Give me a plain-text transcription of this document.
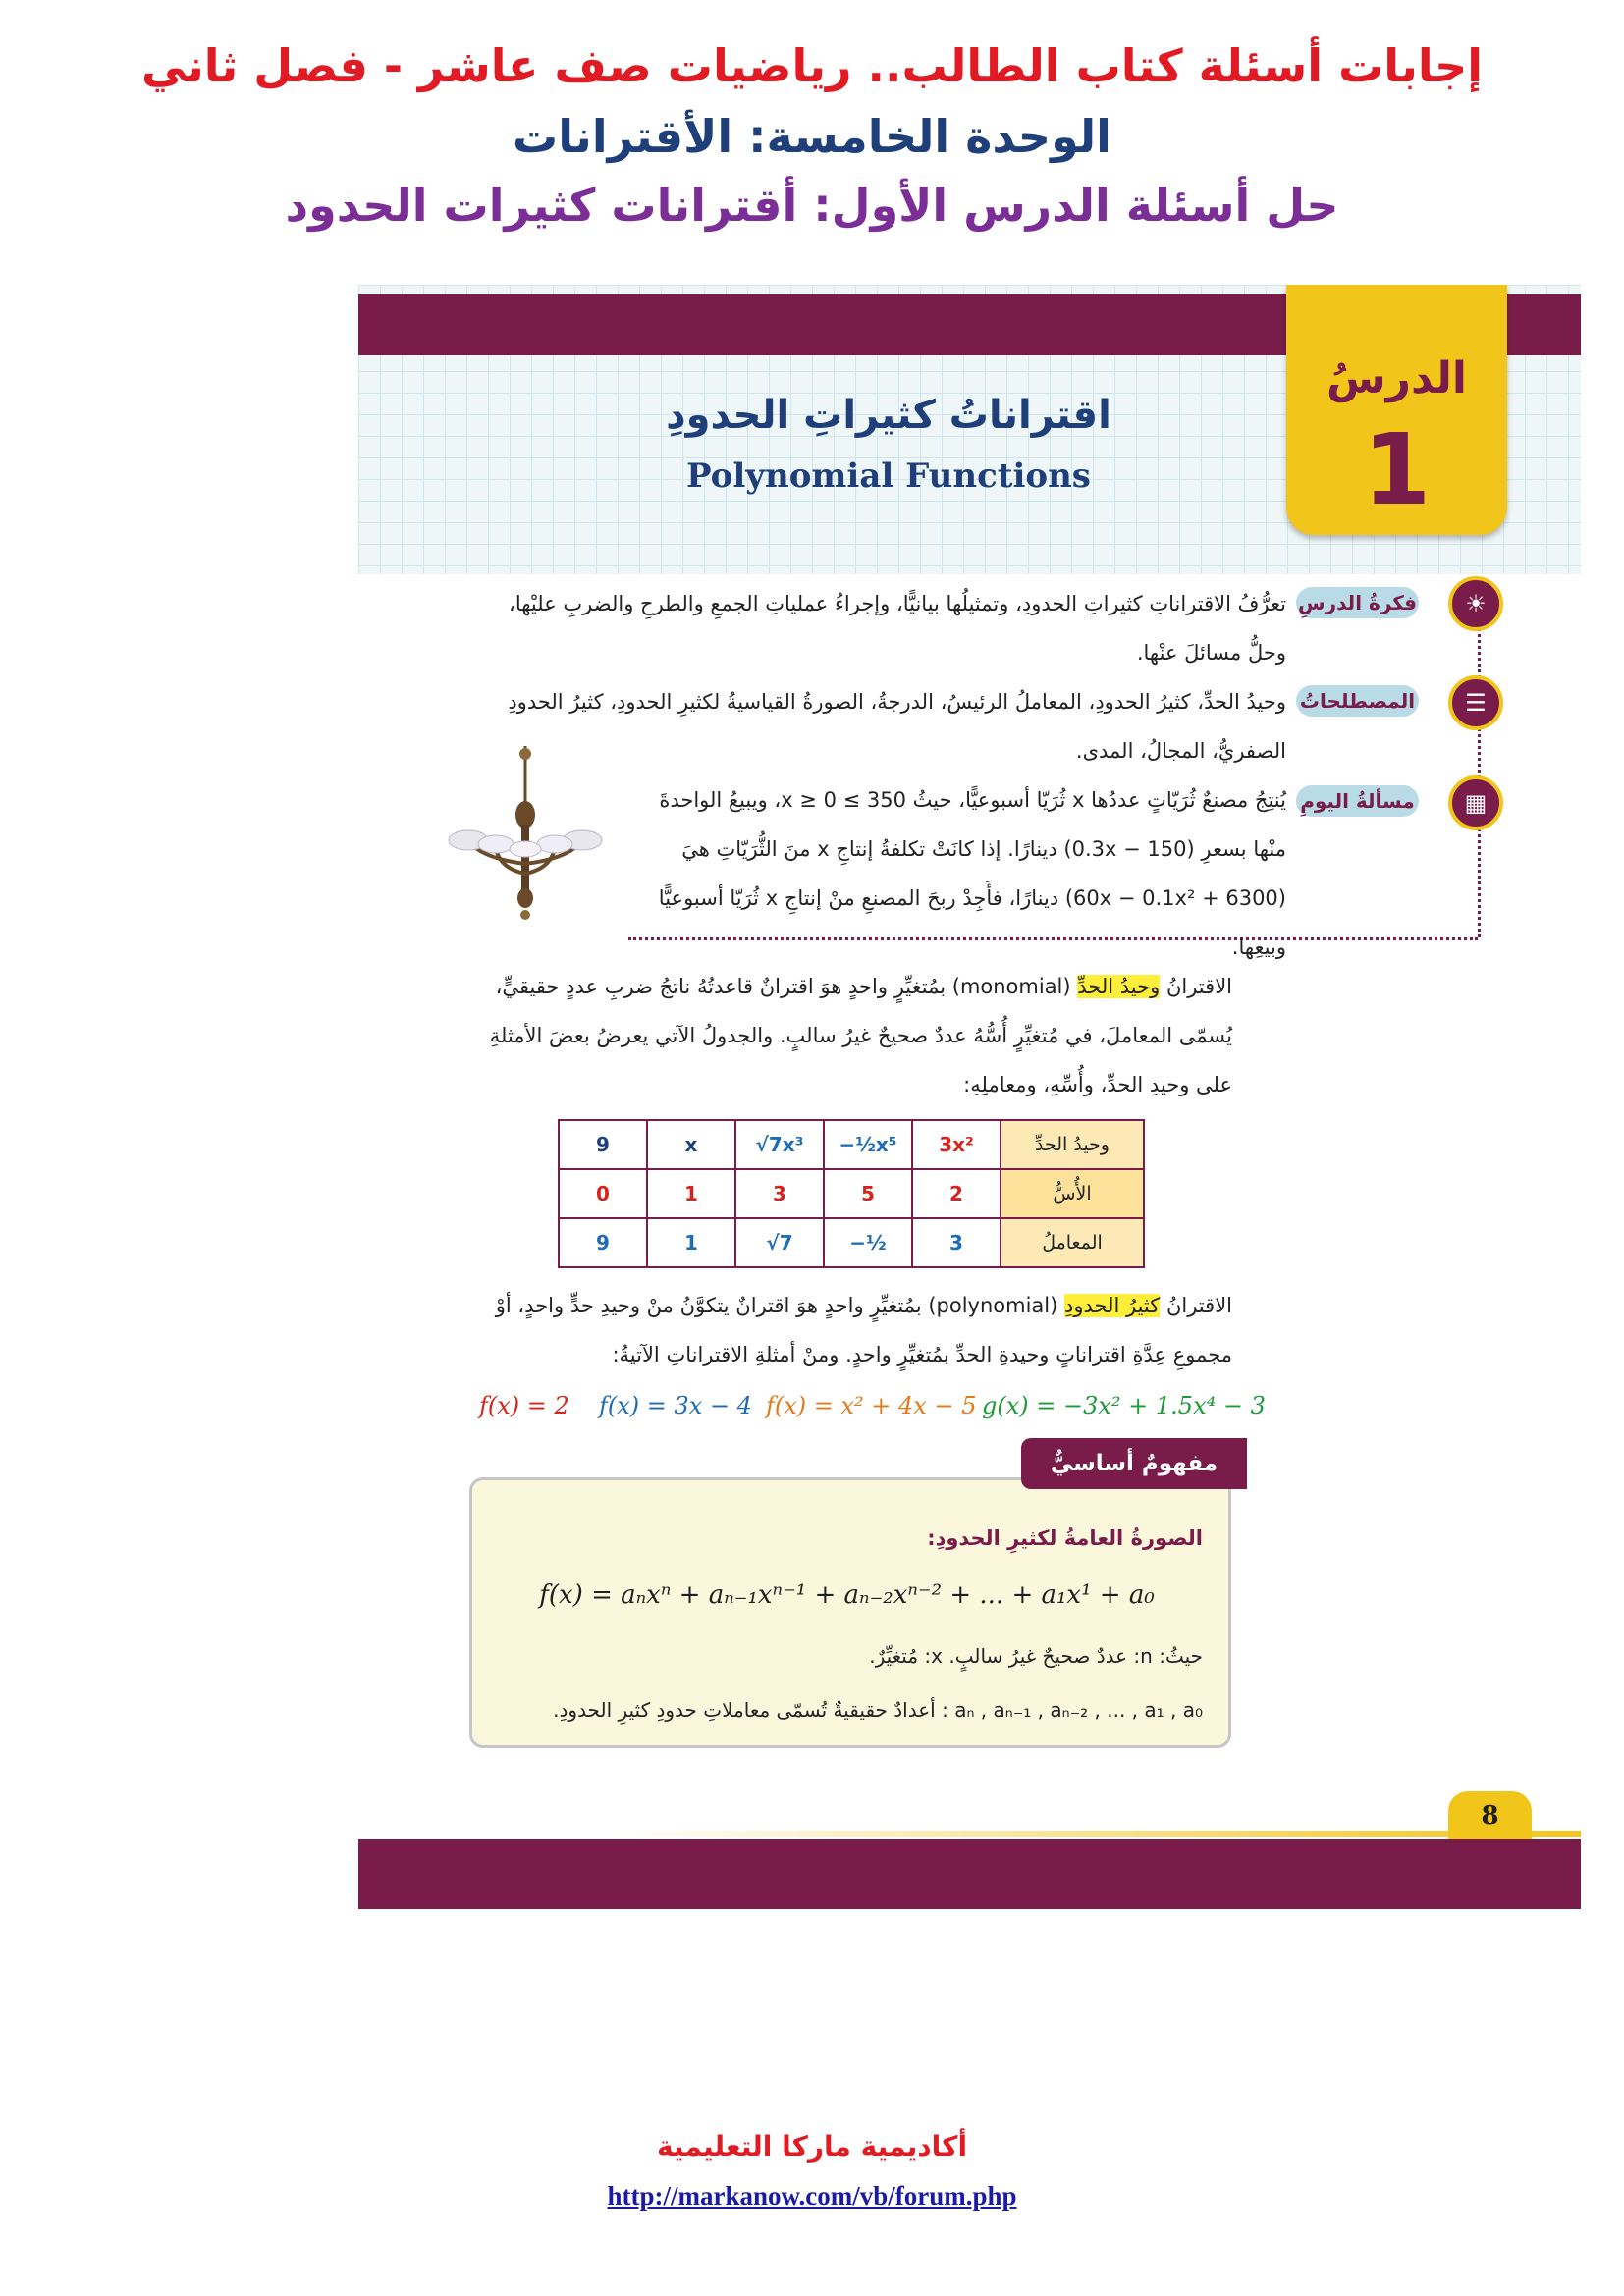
إجابات أسئلة كتاب الطالب.. رياضيات صف عاشر - فصل ثاني
الوحدة الخامسة: الأقترانات
حل أسئلة الدرس الأول: أقترانات كثيرات الحدود
الدرسُ
1
اقتراناتُ كثيراتِ الحدودِ
Polynomial Functions
☀
فكرةُ الدرسِ
تعرُّفُ الاقتراناتِ كثيراتِ الحدودِ، وتمثيلُها بيانيًّا، وإجراءُ عملياتِ الجمعِ والطرحِ والضربِ عليْها،
وحلُّ مسائلَ عنْها.
☰
المصطلحاتُ
وحيدُ الحدِّ، كثيرُ الحدودِ، المعاملُ الرئيسُ، الدرجةُ، الصورةُ القياسيةُ لكثيرِ الحدودِ، كثيرُ الحدودِ
الصفريُّ، المجالُ، المدى.
▦
مسألةُ اليومِ
يُنتِجُ مصنعٌ ثُرَيّاتٍ عددُها x ثُرَيّا أسبوعيًّا، حيثُ 350 ≥ x ≥ 0، ويبيعُ الواحدةَ
منْها بسعرِ (150 − 0.3x) دينارًا. إذا كانَتْ تكلفةُ إنتاجِ x منَ الثُّرَيّاتِ هيَ
(6300 + 60x − 0.1x²) دينارًا، فأَجِدْ ربحَ المصنعِ منْ إنتاجِ x ثُرَيّا أسبوعيًّا وبيعِها.
الاقترانُ وحيدُ الحدِّ (monomial) بمُتغيِّرٍ واحدٍ هوَ اقترانٌ قاعدتُهُ ناتجُ ضربِ عددٍ حقيقيٍّ،
يُسمّى المعاملَ، في مُتغيِّرٍ أُسُّهُ عددٌ صحيحٌ غيرُ سالبٍ. والجدولُ الآتي يعرضُ بعضَ الأمثلةِ
على وحيدِ الحدِّ، وأُسِّهِ، ومعاملِهِ:
9	x	√7x³	−½x⁵	3x²	وحيدُ الحدِّ
0	1	3	5	2	الأُسُّ
9	1	√7	−½	3	المعاملُ
الاقترانُ كثيرُ الحدودِ (polynomial) بمُتغيِّرٍ واحدٍ هوَ اقترانٌ يتكوَّنُ منْ وحيدِ حدٍّ واحدٍ، أوْ
مجموعِ عِدَّةِ اقتراناتٍ وحيدةِ الحدِّ بمُتغيِّرٍ واحدٍ. ومنْ أمثلةِ الاقتراناتِ الآتيةُ:
g(x) = −3x² + 1.5x⁴ − 3
f(x) = x² + 4x − 5
f(x) = 3x − 4
f(x) = 2
مفهومٌ أساسيٌّ
الصورةُ العامةُ لكثيرِ الحدودِ:
f(x) = aₙxⁿ + aₙ₋₁xⁿ⁻¹ + aₙ₋₂xⁿ⁻² + ... + a₁x¹ + a₀
حيثُ: n: عددٌ صحيحٌ غيرُ سالبٍ. x: مُتغيِّرٌ.
aₙ , aₙ₋₁ , aₙ₋₂ , ... , a₁ , a₀ : أعدادٌ حقيقيةٌ تُسمّى معاملاتِ حدودِ كثيرِ الحدودِ.
8
أكاديمية ماركا التعليمية
http://markanow.com/vb/forum.php
